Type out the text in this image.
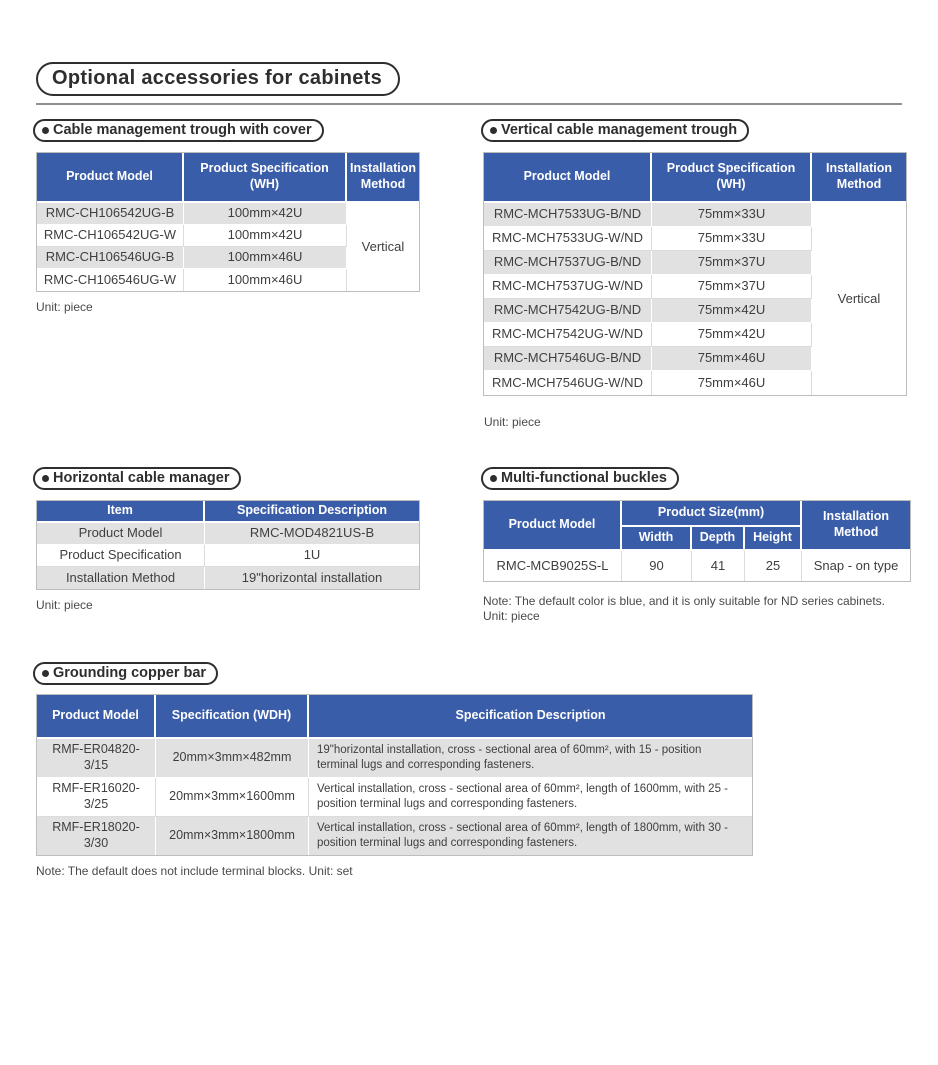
Optional accessories for cabinets
Cable management trough with cover
Product Model	Product Specification (WH)	Installation Method
RMC-CH106542UG-B	100mm×42U	Vertical
RMC-CH106542UG-W	100mm×42U	
RMC-CH106546UG-B	100mm×46U	
RMC-CH106546UG-W	100mm×46U	
Unit: piece
Vertical cable management trough
Product Model	Product Specification (WH)	Installation Method
RMC-MCH7533UG-B/ND	75mm×33U	Vertical
RMC-MCH7533UG-W/ND	75mm×33U	
RMC-MCH7537UG-B/ND	75mm×37U	
RMC-MCH7537UG-W/ND	75mm×37U	
RMC-MCH7542UG-B/ND	75mm×42U	
RMC-MCH7542UG-W/ND	75mm×42U	
RMC-MCH7546UG-B/ND	75mm×46U	
RMC-MCH7546UG-W/ND	75mm×46U	
Unit: piece
Horizontal cable manager
Item	Specification Description
Product Model	RMC-MOD4821US-B
Product Specification	1U
Installation Method	19"horizontal installation
Unit: piece
Multi-functional buckles
Product Model	Product Size(mm)			Installation Method
	Width	Depth	Height	
RMC-MCB9025S-L	90	41	25	Snap - on type
Note: The default color is blue, and it is only suitable for ND series cabinets.
Unit: piece
Grounding copper bar
Product Model	Specification (WDH)	Specification Description
RMF-ER04820-3/15	20mm×3mm×482mm	19"horizontal installation, cross - sectional area of 60mm², with 15 - position terminal lugs and corresponding fasteners.
RMF-ER16020-3/25	20mm×3mm×1600mm	Vertical installation, cross - sectional area of 60mm², length of 1600mm, with 25 - position terminal lugs and corresponding fasteners.
RMF-ER18020-3/30	20mm×3mm×1800mm	Vertical installation, cross - sectional area of 60mm², length of 1800mm, with 30 - position terminal lugs and corresponding fasteners.
Note: The default does not include terminal blocks. Unit: set
